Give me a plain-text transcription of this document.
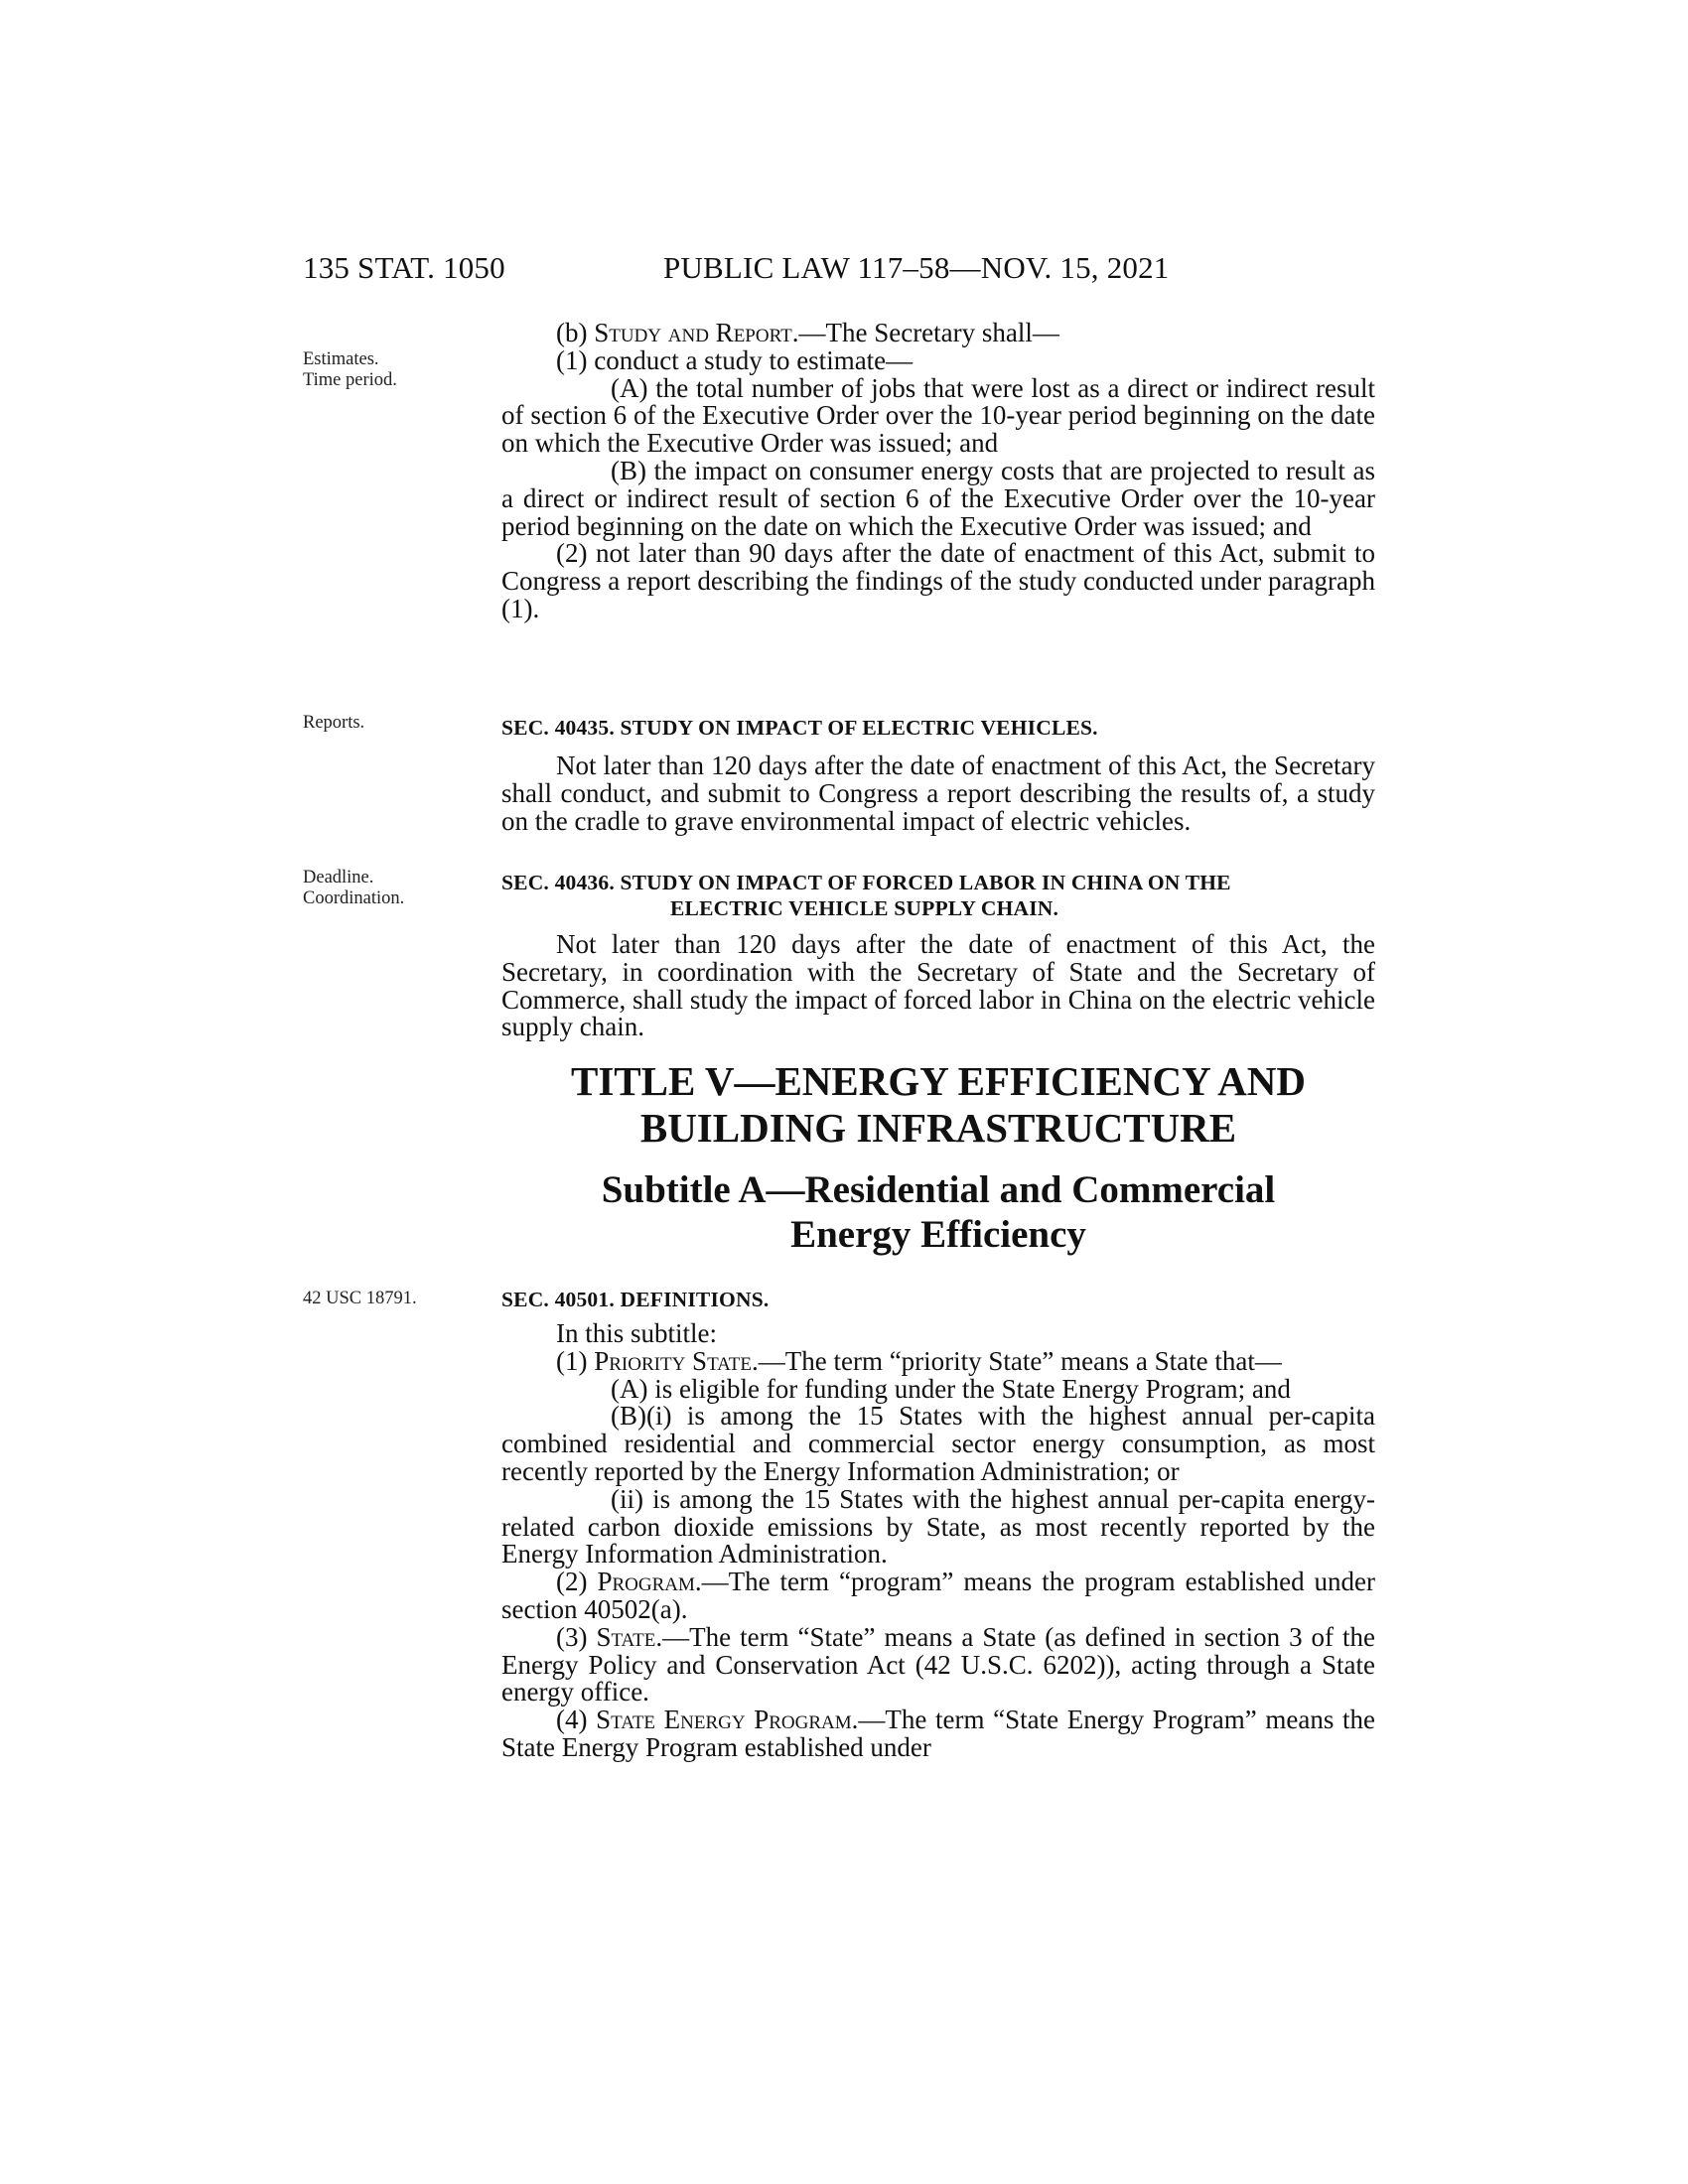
135 STAT. 1050	PUBLIC LAW 117–58—NOV. 15, 2021
Estimates.
Time period.
Reports.
Deadline.
Coordination.
42 USC 18791.

(b) Study and Report.—The Secretary shall—

(1) conduct a study to estimate—

(A) the total number of jobs that were lost as a direct or indirect result of section 6 of the Executive Order over the 10-year period beginning on the date on which the Executive Order was issued; and

(B) the impact on consumer energy costs that are projected to result as a direct or indirect result of section 6 of the Executive Order over the 10-year period beginning on the date on which the Executive Order was issued; and

(2) not later than 90 days after the date of enactment of this Act, submit to Congress a report describing the findings of the study conducted under paragraph (1).

SEC. 40435. STUDY ON IMPACT OF ELECTRIC VEHICLES.

Not later than 120 days after the date of enactment of this Act, the Secretary shall conduct, and submit to Congress a report describing the results of, a study on the cradle to grave environmental impact of electric vehicles.

SEC. 40436. STUDY ON IMPACT OF FORCED LABOR IN CHINA ON THE
ELECTRIC VEHICLE SUPPLY CHAIN.

Not later than 120 days after the date of enactment of this Act, the Secretary, in coordination with the Secretary of State and the Secretary of Commerce, shall study the impact of forced labor in China on the electric vehicle supply chain.

TITLE V—ENERGY EFFICIENCY AND
BUILDING INFRASTRUCTURE
Subtitle A—Residential and Commercial
Energy Efficiency
SEC. 40501. DEFINITIONS.

In this subtitle:

(1) Priority State.—The term “priority State” means a State that—

(A) is eligible for funding under the State Energy Program; and

(B)(i) is among the 15 States with the highest annual per-capita combined residential and commercial sector energy consumption, as most recently reported by the Energy Information Administration; or

(ii) is among the 15 States with the highest annual per-capita energy-related carbon dioxide emissions by State, as most recently reported by the Energy Information Administration.

(2) Program.—The term “program” means the program established under section 40502(a).

(3) State.—The term “State” means a State (as defined in section 3 of the Energy Policy and Conservation Act (42 U.S.C. 6202)), acting through a State energy office.

(4) State Energy Program.—The term “State Energy Program” means the State Energy Program established under
